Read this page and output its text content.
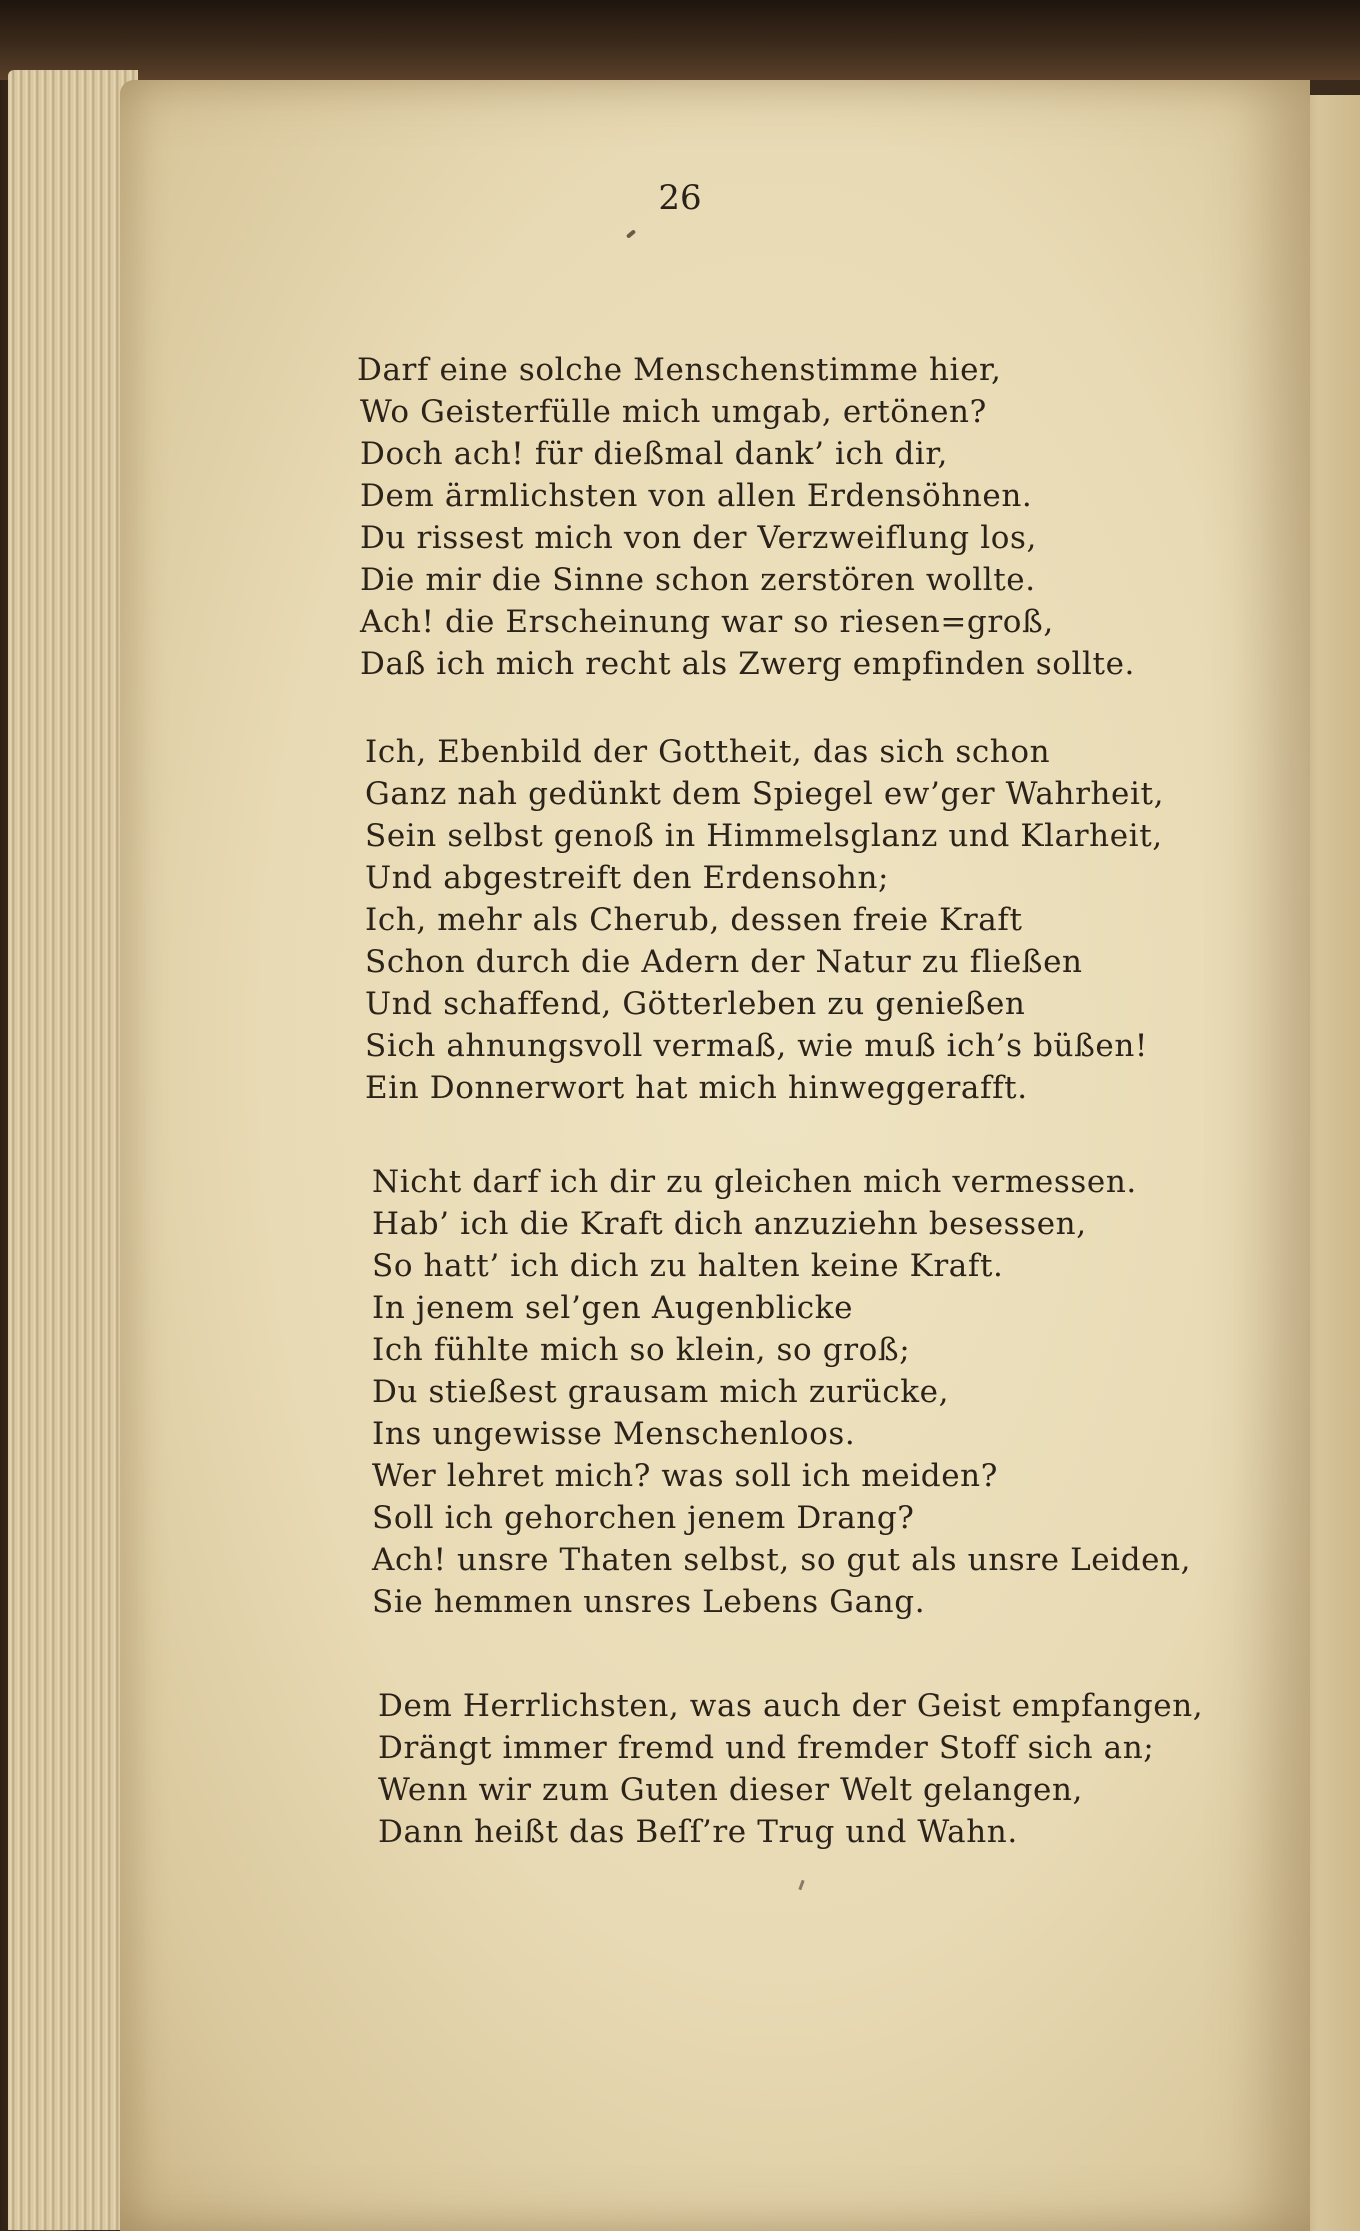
26
Darf eine solche Menschenstimme hier,
Wo Geisterfülle mich umgab, ertönen?
Doch ach! für dießmal dank’ ich dir,
Dem ärmlichsten von allen Erdensöhnen.
Du rissest mich von der Verzweiflung los,
Die mir die Sinne schon zerstören wollte.
Ach! die Erscheinung war so riesen=groß,
Daß ich mich recht als Zwerg empfinden sollte.
Ich, Ebenbild der Gottheit, das sich schon
Ganz nah gedünkt dem Spiegel ew’ger Wahrheit,
Sein selbst genoß in Himmelsglanz und Klarheit,
Und abgestreift den Erdensohn;
Ich, mehr als Cherub, dessen freie Kraft
Schon durch die Adern der Natur zu fließen
Und schaffend, Götterleben zu genießen
Sich ahnungsvoll vermaß, wie muß ich’s büßen!
Ein Donnerwort hat mich hinweggerafft.
Nicht darf ich dir zu gleichen mich vermessen.
Hab’ ich die Kraft dich anzuziehn besessen,
So hatt’ ich dich zu halten keine Kraft.
In jenem sel’gen Augenblicke
Ich fühlte mich so klein, so groß;
Du stießest grausam mich zurücke,
Ins ungewisse Menschenloos.
Wer lehret mich? was soll ich meiden?
Soll ich gehorchen jenem Drang?
Ach! unsre Thaten selbst, so gut als unsre Leiden,
Sie hemmen unsres Lebens Gang.
Dem Herrlichsten, was auch der Geist empfangen,
Drängt immer fremd und fremder Stoff sich an;
Wenn wir zum Guten dieser Welt gelangen,
Dann heißt das Beſſ’re Trug und Wahn.
